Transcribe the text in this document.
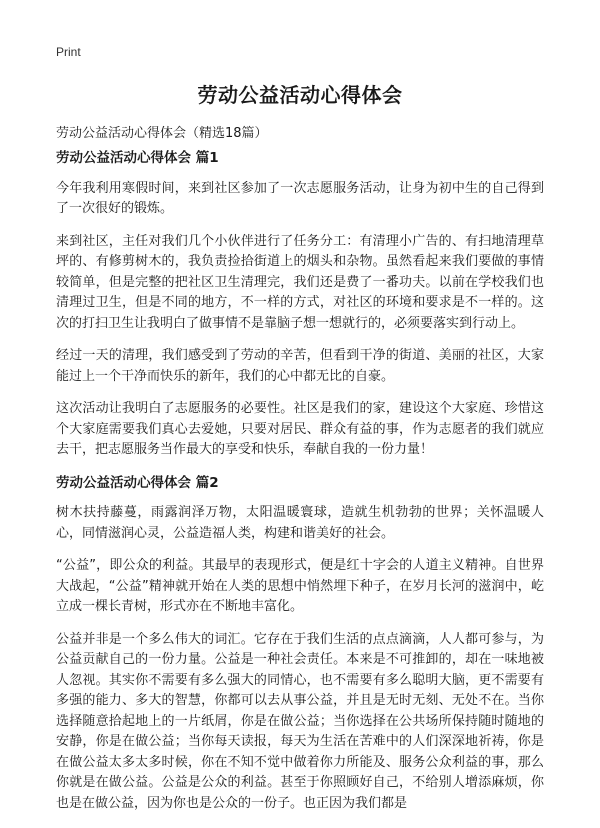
Print
劳动公益活动心得体会
劳动公益活动心得体会（精选18篇）
劳动公益活动心得体会 篇1

今年我利用寒假时间，来到社区参加了一次志愿服务活动，让身为初中生的自己得到了一次很好的锻炼。

来到社区，主任对我们几个小伙伴进行了任务分工：有清理小广告的、有扫地清理草坪的、有修剪树木的，我负责捡拾街道上的烟头和杂物。虽然看起来我们要做的事情较简单，但是完整的把社区卫生清理完，我们还是费了一番功夫。以前在学校我们也清理过卫生，但是不同的地方，不一样的方式，对社区的环境和要求是不一样的。这次的打扫卫生让我明白了做事情不是靠脑子想一想就行的，必须要落实到行动上。

经过一天的清理，我们感受到了劳动的辛苦，但看到干净的街道、美丽的社区，大家能过上一个干净而快乐的新年，我们的心中都无比的自豪。

这次活动让我明白了志愿服务的必要性。社区是我们的家，建设这个大家庭、珍惜这个大家庭需要我们真心去爱她，只要对居民、群众有益的事，作为志愿者的我们就应去干，把志愿服务当作最大的享受和快乐，奉献自我的一份力量！

劳动公益活动心得体会 篇2

树木扶持藤蔓，雨露润泽万物，太阳温暖寰球，造就生机勃勃的世界；关怀温暖人心，同情滋润心灵，公益造福人类，构建和谐美好的社会。

“公益”，即公众的利益。其最早的表现形式，便是红十字会的人道主义精神。自世界大战起，“公益”精神就开始在人类的思想中悄然埋下种子，在岁月长河的滋润中，屹立成一棵长青树，形式亦在不断地丰富化。

公益并非是一个多么伟大的词汇。它存在于我们生活的点点滴滴，人人都可参与，为公益贡献自己的一份力量。公益是一种社会责任。本来是不可推卸的，却在一味地被人忽视。其实你不需要有多么强大的同情心，也不需要有多么聪明大脑，更不需要有多强的能力、多大的智慧，你都可以去从事公益，并且是无时无刻、无处不在。当你选择随意拾起地上的一片纸屑，你是在做公益；当你选择在公共场所保持随时随地的安静，你是在做公益；当你每天读报，每天为生活在苦难中的人们深深地祈祷，你是在做公益太多太多时候，你在不知不觉中做着你力所能及、服务公众利益的事，那么你就是在做公益。公益是公众的利益。甚至于你照顾好自己，不给别人增添麻烦，你也是在做公益，因为你也是公众的一份子。也正因为我们都是
